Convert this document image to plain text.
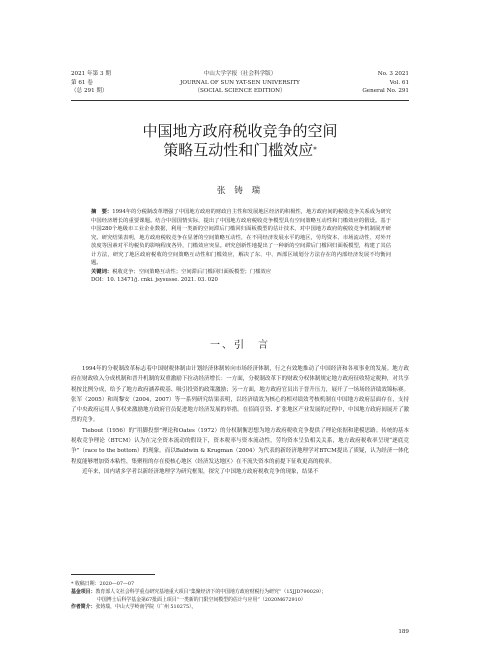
2021 年第 3 期
第 61 卷
（总 291 期）
中山大学学报（社会科学版）
JOURNAL OF SUN YAT-SEN UNIVERSITY
（SOCIAL SCIENCE EDITION）
No. 3 2021
Vol. 61
General No. 291
中国地方政府税收竞争的空间
策略互动性和门槛效应*
张 铸 瑞

摘　要：1994年的分税制改革增强了中国地方政府的财政自主性和发展地区经济的积极性，地方政府间的税收竞争关系成为研究中国经济增长的重要课题。结合中国国情实际，提出了中国地方政府税收竞争模型具有空间策略互动性和门槛效应的假设。基于中国280个地级市工业企业数据，利用一类新的空间滞后门槛回归面板模型的估计技术，对中国地方政府的税收竞争机制展开研究。研究结果表明，地方政府税收竞争在显著的空间策略互动性，在不同经济发展水平的地区，劳均资本、市场流动性、对外开放度等因素对平均税负的影响程度各异，门槛效应突显。研究创新性地提出了一种新的空间滞后门槛回归面板模型，构建了其估计方法，研究了地区政府税收的空间策略互动性和门槛效应，解决了东、中、西部区域划分方法存在的内部经济发展不均衡问题。

关键词：税收竞争；空间策略互动性；空间滞后门槛回归面板模型；门槛效应

DOI：10. 13471/j. cnki. jsysusse. 2021. 03. 020

一、引　言

1994年的分税制改革标志着中国财税体制由计划经济体制转向市场经济体制，行之有效地推动了中国经济和各项事业的发展。地方政府在财政收入分成机制和晋升机制的双重激励下拉动经济增长：一方面，分税制改革下的财政分权体制规定地方政府征收特定税种，对共享税按比例分成，给予了地方政府涵养税基、吸引投资的政策激励；另一方面，地方政府官员出于晋升压力，展开了一场场经济绩效锦标赛。张军（2005）和周黎安（2004，2007）等一系列研究结果表明，以经济绩效为核心的相对绩效考核机制在中国地方政府层面存在，支持了中央政府运用人事权来激励地方政府官员促进地方经济发展的举措。在招商引资、扩张地区产业发展的过程中，中国地方政府间展开了激烈的竞争。

Tiebout（1956）的“用脚投票”理论和Oates（1972）的分权制衡思想为地方政府税收竞争提供了理论依据和建模思路。传统的基本税收竞争理论（BTCM）认为在完全资本流动的假设下，资本税率与资本流动性，劳均资本呈负相关关系，地方政府税收率呈现“逐底竞争”（race to the bottom）的现象。而以Baldwin & Krugman（2004）为代表的新经济地理学对BTCM提出了质疑，认为经济一体化程度能够增加资本粘性，集聚租的存在使核心地区（经济发达地区）在不流失资本的前提下征收更高的税率。

近年来，国内诸多学者以新经济地理学为研究框架，探究了中国地方政府税收竞争的现象，结果不

* 收稿日期：2020—07—07

基金项目：教育部人文社会科学重点研究基地重大项目“集聚经济下的中国地方政府财税行为研究”（15JJD790029）；

中国博士后科学基金第67批面上项目“一类新的门限空间模型的估计与应用”（2020M672910）

作者简介：张铸瑞，中山大学岭南学院（广州 510275）。

189
